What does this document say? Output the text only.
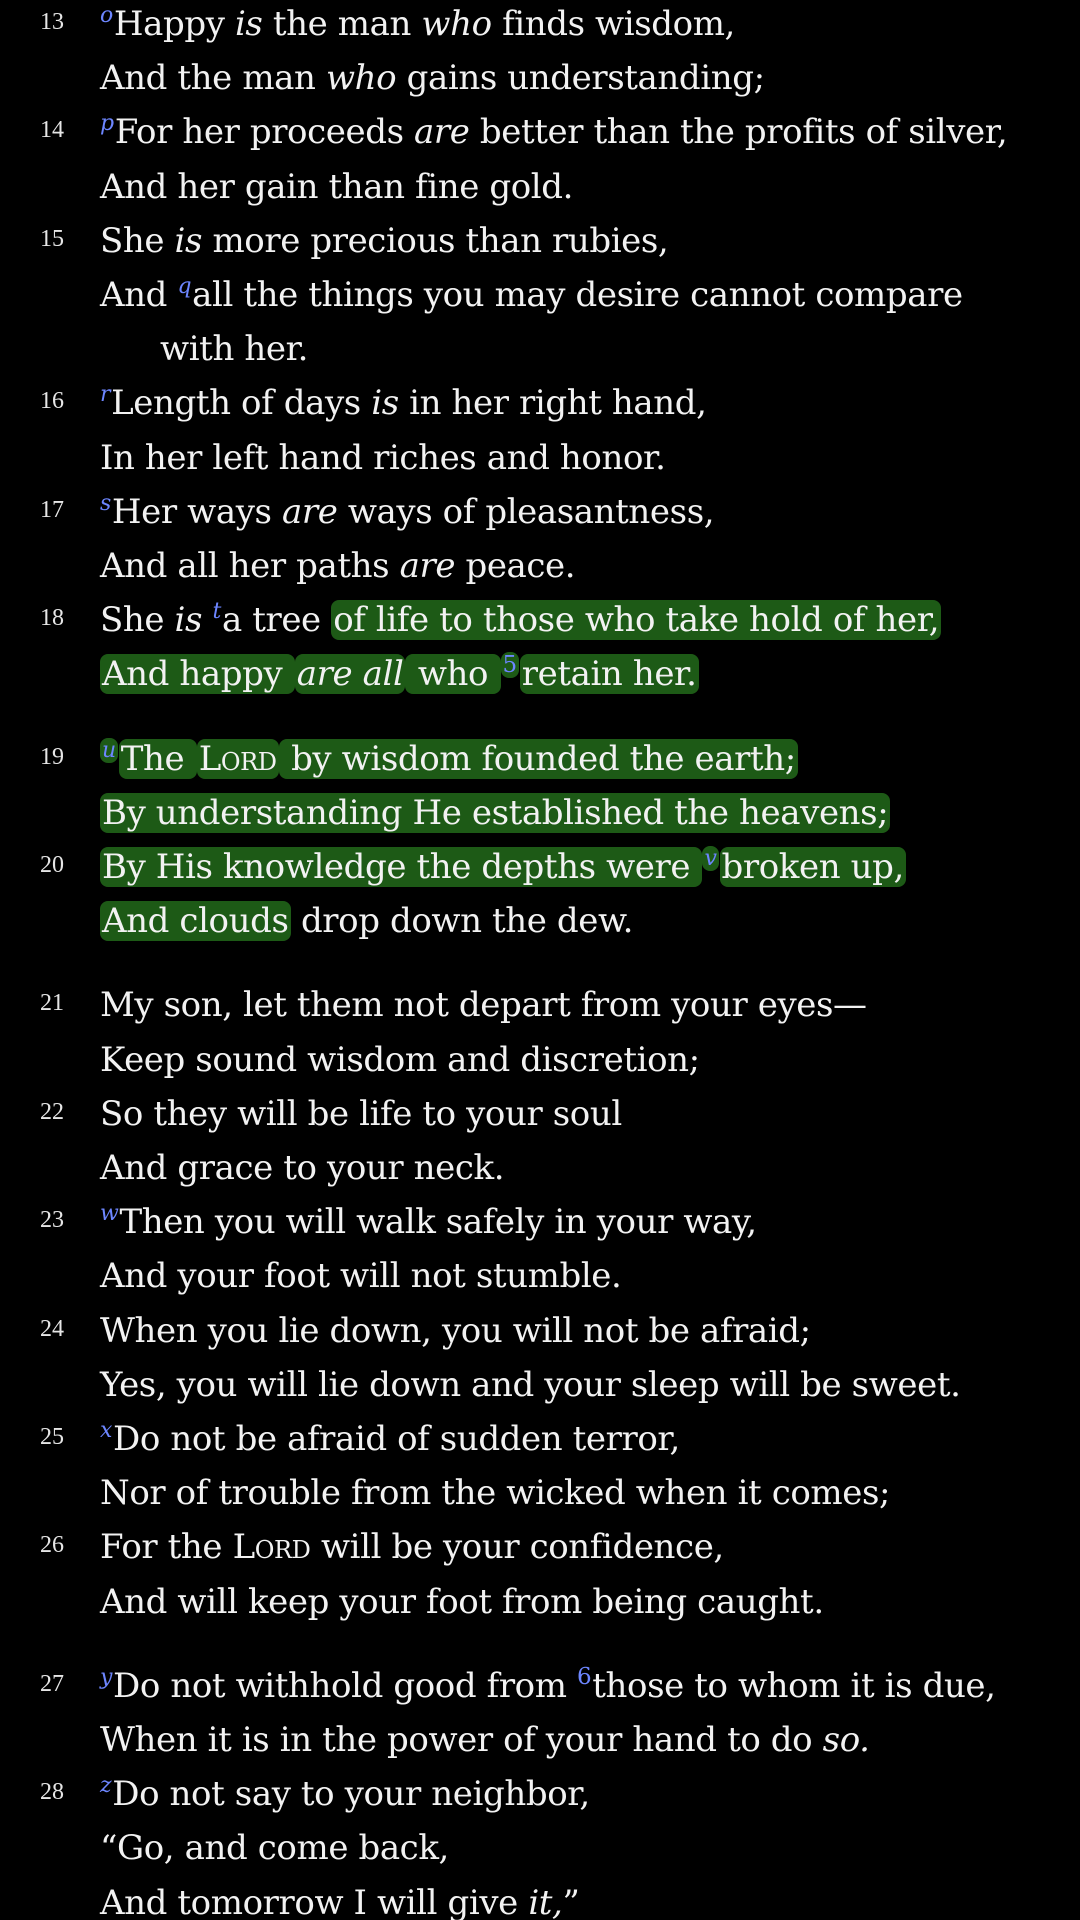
13 $^o$Happy is the man who finds wisdom,
And the man who gains understanding;
14 $^p$For her proceeds are better than the profits of silver,
And her gain than fine gold.
15 She is more precious than rubies,
And $^q$all the things you may desire cannot compare
with her.
16 $^r$Length of days is in her right hand,
In her left hand riches and honor.
17 $^s$Her ways are ways of pleasantness,
And all her paths are peace.
18 She is $^t$a tree of life to those who take hold of her,
And happy are all who $^5$ retain her.
19 $^u$ The Lord by wisdom founded the earth;
By understanding He established the heavens;
20 By His knowledge the depths were $^v$ broken up,
And clouds drop down the dew.
21 My son, let them not depart from your eyes—
Keep sound wisdom and discretion;
22 So they will be life to your soul
And grace to your neck.
23 $^w$Then you will walk safely in your way,
And your foot will not stumble.
24 When you lie down, you will not be afraid;
Yes, you will lie down and your sleep will be sweet.
25 $^x$Do not be afraid of sudden terror,
Nor of trouble from the wicked when it comes;
26 For the Lord will be your confidence,
And will keep your foot from being caught.
27 $^y$Do not withhold good from $^6$those to whom it is due,
When it is in the power of your hand to do so.
28 $^z$Do not say to your neighbor,
“Go, and come back,
And tomorrow I will give it,”
